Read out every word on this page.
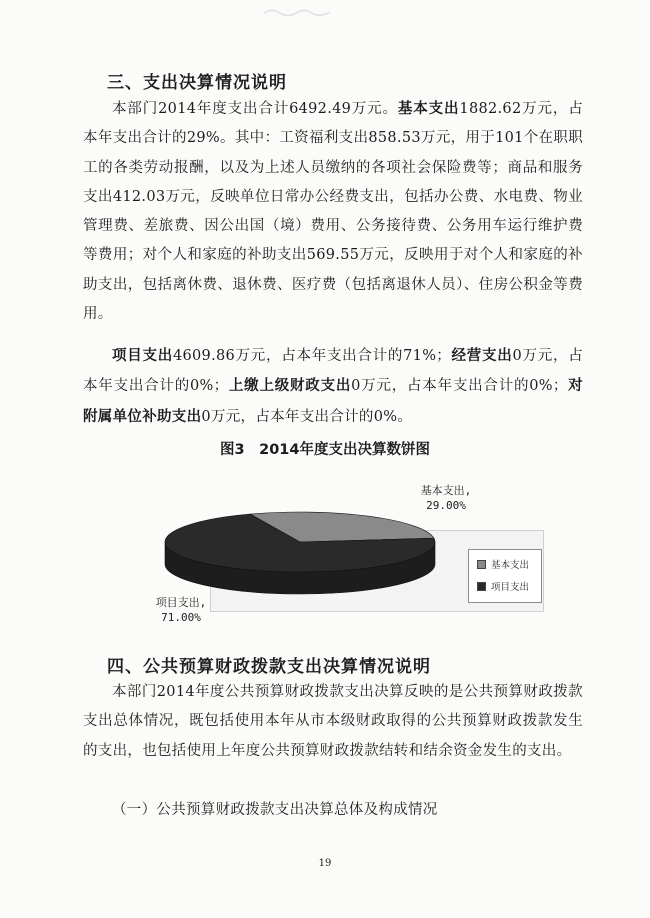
三、支出决算情况说明
本部门2014年度支出合计6492.49万元。基本支出1882.62万元，占本年支出合计的29%。其中：工资福利支出858.53万元，用于101个在职职工的各类劳动报酬，以及为上述人员缴纳的各项社会保险费等；商品和服务支出412.03万元，反映单位日常办公经费支出，包括办公费、水电费、物业管理费、差旅费、因公出国（境）费用、公务接待费、公务用车运行维护费等费用；对个人和家庭的补助支出569.55万元，反映用于对个人和家庭的补助支出，包括离休费、退休费、医疗费（包括离退休人员）、住房公积金等费用。
项目支出4609.86万元，占本年支出合计的71%；经营支出0万元，占本年支出合计的0%；上缴上级财政支出0万元，占本年支出合计的0%；对附属单位补助支出0万元，占本年支出合计的0%。
图3　2014年度支出决算数饼图
基本支出,
29.00%
项目支出,
71.00%
基本支出
项目支出
四、公共预算财政拨款支出决算情况说明
本部门2014年度公共预算财政拨款支出决算反映的是公共预算财政拨款支出总体情况，既包括使用本年从市本级财政取得的公共预算财政拨款发生的支出，也包括使用上年度公共预算财政拨款结转和结余资金发生的支出。
（一）公共预算财政拨款支出决算总体及构成情况
19
